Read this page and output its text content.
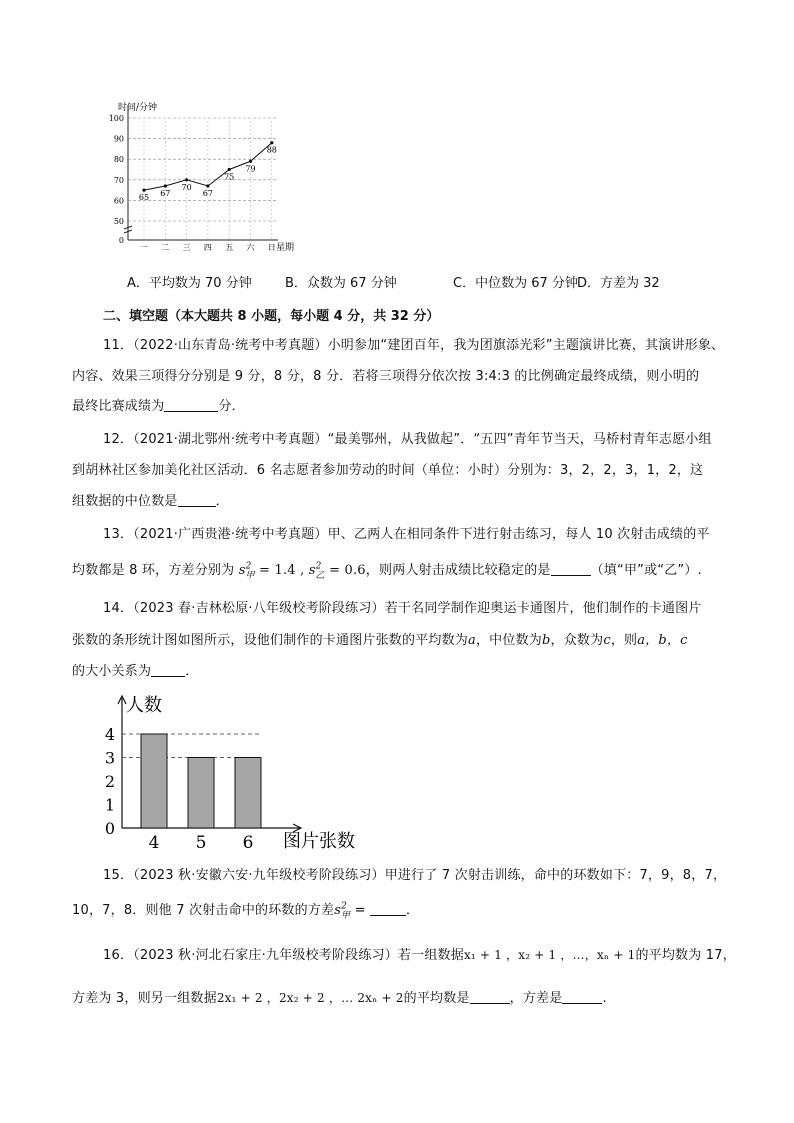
时间/分钟
星期
100
90
80
70
60
50
0
一 二 三 四 五 六 日
65 67
70
67
75
79
88
A．平均数为 70 分钟	B．众数为 67 分钟	C．中位数为 67 分钟D．方差为 32
二、填空题（本大题共 8 小题，每小题 4 分，共 32 分）
11．（2022·山东青岛·统考中考真题）小明参加“建团百年，我为团旗添光彩”主题演讲比赛，其演讲形象、
内容、效果三项得分分别是 9 分，8 分，8 分．若将三项得分依次按 3:4:3 的比例确定最终成绩，则小明的
最终比赛成绩为	分．
12．（2021·湖北鄂州·统考中考真题）“最美鄂州，从我做起”．“五四”青年节当天，马桥村青年志愿小组
到胡林社区参加美化社区活动．6 名志愿者参加劳动的时间（单位：小时）分别为：3，2，2，3，1，2，这
组数据的中位数是	．
13．（2021·广西贵港·统考中考真题）甲、乙两人在相同条件下进行射击练习，每人 10 次射击成绩的平
均数都是 8 环，方差分别为 $s^2_甲 = 1.4$ , $s^2_乙 = 0.6$，则两人射击成绩比较稳定的是	（填“甲”或“乙”）.
14．（2023 春·吉林松原·八年级校考阶段练习）若干名同学制作迎奥运卡通图片，他们制作的卡通图片
张数的条形统计图如图所示，设他们制作的卡通图片张数的平均数为a，中位数为b，众数为c，则a，b，c
的大小关系为	．
人数
图片张数
4
3
2
1
0
4 5 6
15．（2023 秋·安徽六安·九年级校考阶段练习）甲进行了 7 次射击训练，命中的环数如下：7，9，8，7，
10，7，8．则他 7 次射击命中的环数的方差$s^2_甲$ =	．
16．（2023 秋·河北石家庄·九年级校考阶段练习）若一组数据x₁ + 1 ，x₂ + 1 ，…，xₙ + 1的平均数为 17，
方差为 3，则另一组数据2x₁ + 2 ，2x₂ + 2 ，… 2xₙ + 2的平均数是	，方差是	.
